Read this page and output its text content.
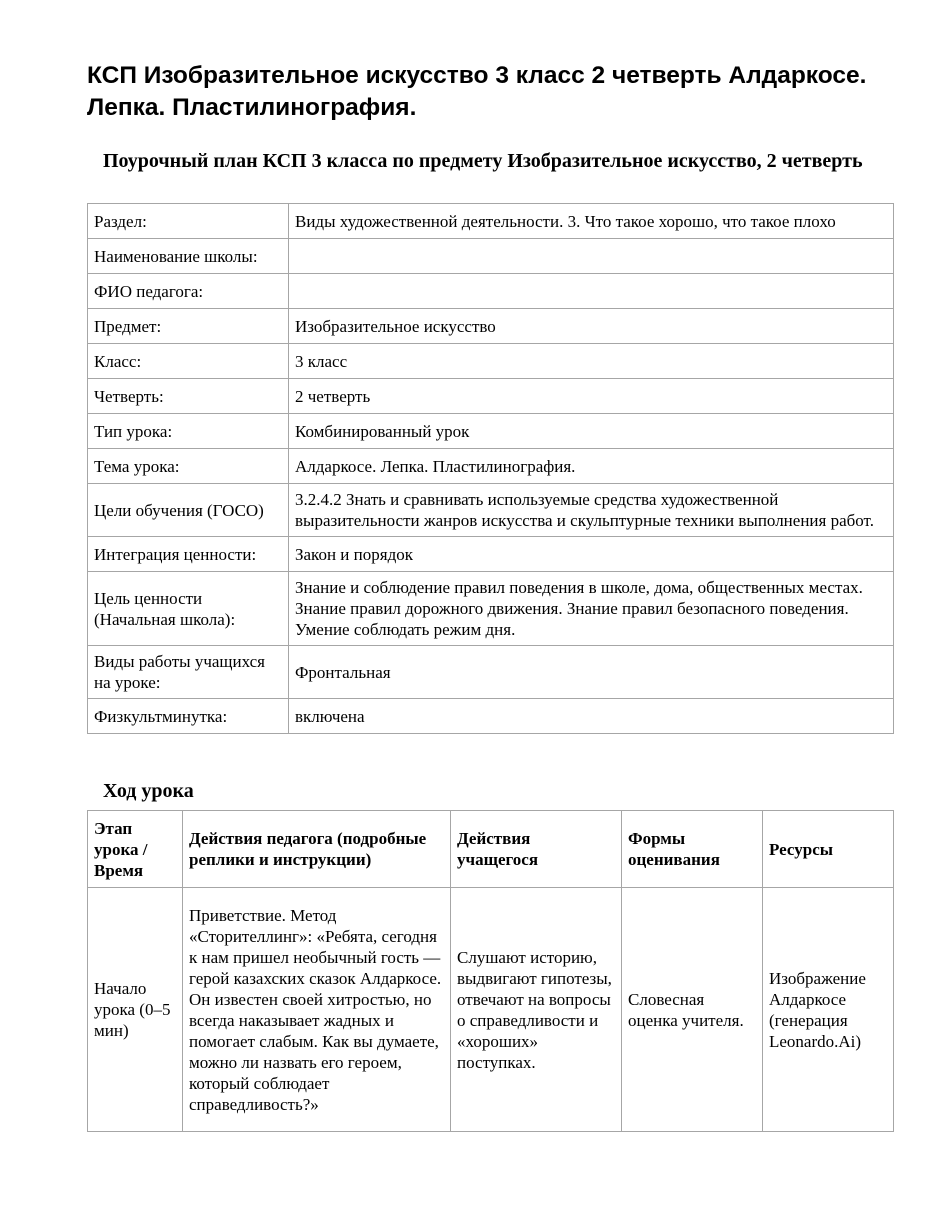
КСП Изобразительное искусство 3 класс 2 четверть Алдаркосе. Лепка. Пластилинография.
Поурочный план КСП 3 класса по предмету Изобразительное искусство, 2 четверть
Раздел:	Виды художественной деятельности. 3. Что такое хорошо, что такое плохо
Наименование школы:	
ФИО педагога:	
Предмет:	Изобразительное искусство
Класс:	3 класс
Четверть:	2 четверть
Тип урока:	Комбинированный урок
Тема урока:	Алдаркосе. Лепка. Пластилинография.
Цели обучения (ГОСО)	3.2.4.2 Знать и сравнивать используемые средства художественной выразительности жанров искусства и скульптурные техники выполнения работ.
Интеграция ценности:	Закон и порядок
Цель ценности (Начальная школа):	Знание и соблюдение правил поведения в школе, дома, общественных местах. Знание правил дорожного движения. Знание правил безопасного поведения. Умение соблюдать режим дня.
Виды работы учащихся на уроке:	Фронтальная
Физкультминутка:	включена
Ход урока
Этап урока / Время	Действия педагога (подробные реплики и инструкции)	Действия учащегося	Формы оценивания	Ресурсы
Начало урока (0–5 мин)	Приветствие. Метод «Сторителлинг»: «Ребята, сегодня к нам пришел необычный гость — герой казахских сказок Алдаркосе. Он известен своей хитростью, но всегда наказывает жадных и помогает слабым. Как вы думаете, можно ли назвать его героем, который соблюдает справедливость?»	Слушают историю, выдвигают гипотезы, отвечают на вопросы о справедливости и «хороших» поступках.	Словесная оценка учителя.	Изображение Алдаркосе (генерация Leonardo.Ai)
